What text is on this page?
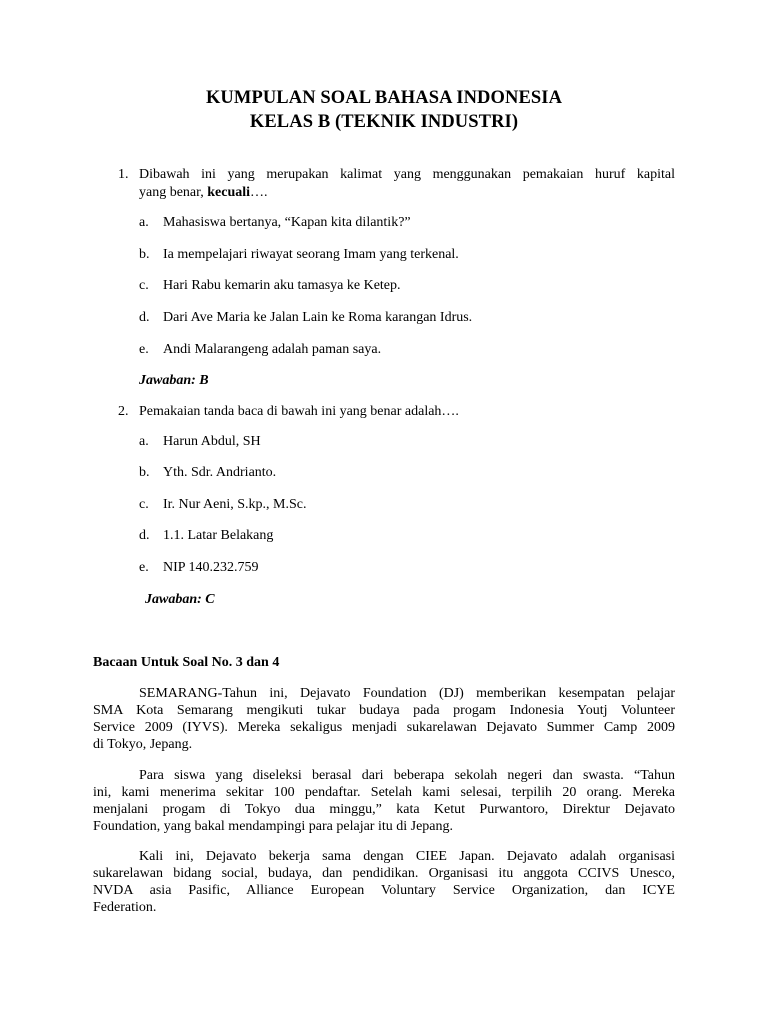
KUMPULAN SOAL BAHASA INDONESIA
KELAS B (TEKNIK INDUSTRI)
1. Dibawah ini yang merupakan kalimat yang menggunakan pemakaian huruf kapital
yang benar, kecuali….
a. Mahasiswa bertanya, “Kapan kita dilantik?”
b. Ia mempelajari riwayat seorang Imam yang terkenal.
c. Hari Rabu kemarin aku tamasya ke Ketep.
d. Dari Ave Maria ke Jalan Lain ke Roma karangan Idrus.
e. Andi Malarangeng adalah paman saya.
Jawaban: B
2. Pemakaian tanda baca di bawah ini yang benar adalah….
a. Harun Abdul, SH
b. Yth. Sdr. Andrianto.
c. Ir. Nur Aeni, S.kp., M.Sc.
d. 1.1. Latar Belakang
e. NIP 140.232.759
Jawaban: C
Bacaan Untuk Soal No. 3 dan 4
SEMARANG-Tahun ini, Dejavato Foundation (DJ) memberikan kesempatan pelajar
SMA Kota Semarang mengikuti tukar budaya pada progam Indonesia Youtj Volunteer
Service 2009 (IYVS). Mereka sekaligus menjadi sukarelawan Dejavato Summer Camp 2009
di Tokyo, Jepang.
Para siswa yang diseleksi berasal dari beberapa sekolah negeri dan swasta. “Tahun
ini, kami menerima sekitar 100 pendaftar. Setelah kami selesai, terpilih 20 orang. Mereka
menjalani progam di Tokyo dua minggu,” kata Ketut Purwantoro, Direktur Dejavato
Foundation, yang bakal mendampingi para pelajar itu di Jepang.
Kali ini, Dejavato bekerja sama dengan CIEE Japan. Dejavato adalah organisasi
sukarelawan bidang social, budaya, dan pendidikan. Organisasi itu anggota CCIVS Unesco,
NVDA asia Pasific, Alliance European Voluntary Service Organization, dan ICYE
Federation.
